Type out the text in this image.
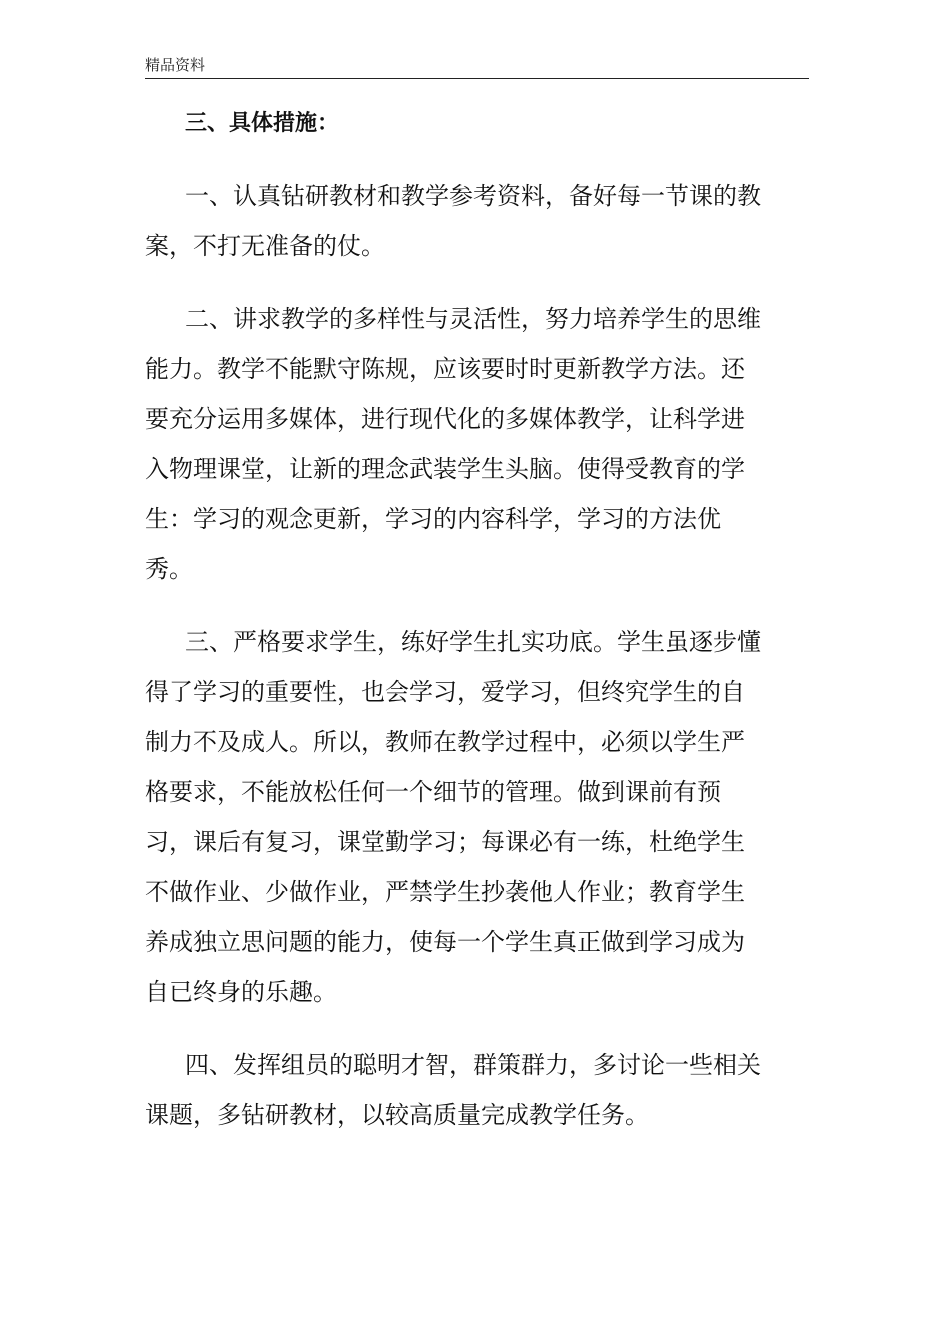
精品资料
三、具体措施：
一、认真钻研教材和教学参考资料，备好每一节课的教
案，不打无准备的仗。
二、讲求教学的多样性与灵活性，努力培养学生的思维
能力。教学不能默守陈规，应该要时时更新教学方法。还
要充分运用多媒体，进行现代化的多媒体教学，让科学进
入物理课堂，让新的理念武装学生头脑。使得受教育的学
生：学习的观念更新，学习的内容科学，学习的方法优
秀。
三、严格要求学生，练好学生扎实功底。学生虽逐步懂
得了学习的重要性，也会学习，爱学习，但终究学生的自
制力不及成人。所以，教师在教学过程中，必须以学生严
格要求，不能放松任何一个细节的管理。做到课前有预
习，课后有复习，课堂勤学习；每课必有一练，杜绝学生
不做作业、少做作业，严禁学生抄袭他人作业；教育学生
养成独立思问题的能力，使每一个学生真正做到学习成为
自已终身的乐趣。
四、发挥组员的聪明才智，群策群力，多讨论一些相关
课题，多钻研教材，以较高质量完成教学任务。
